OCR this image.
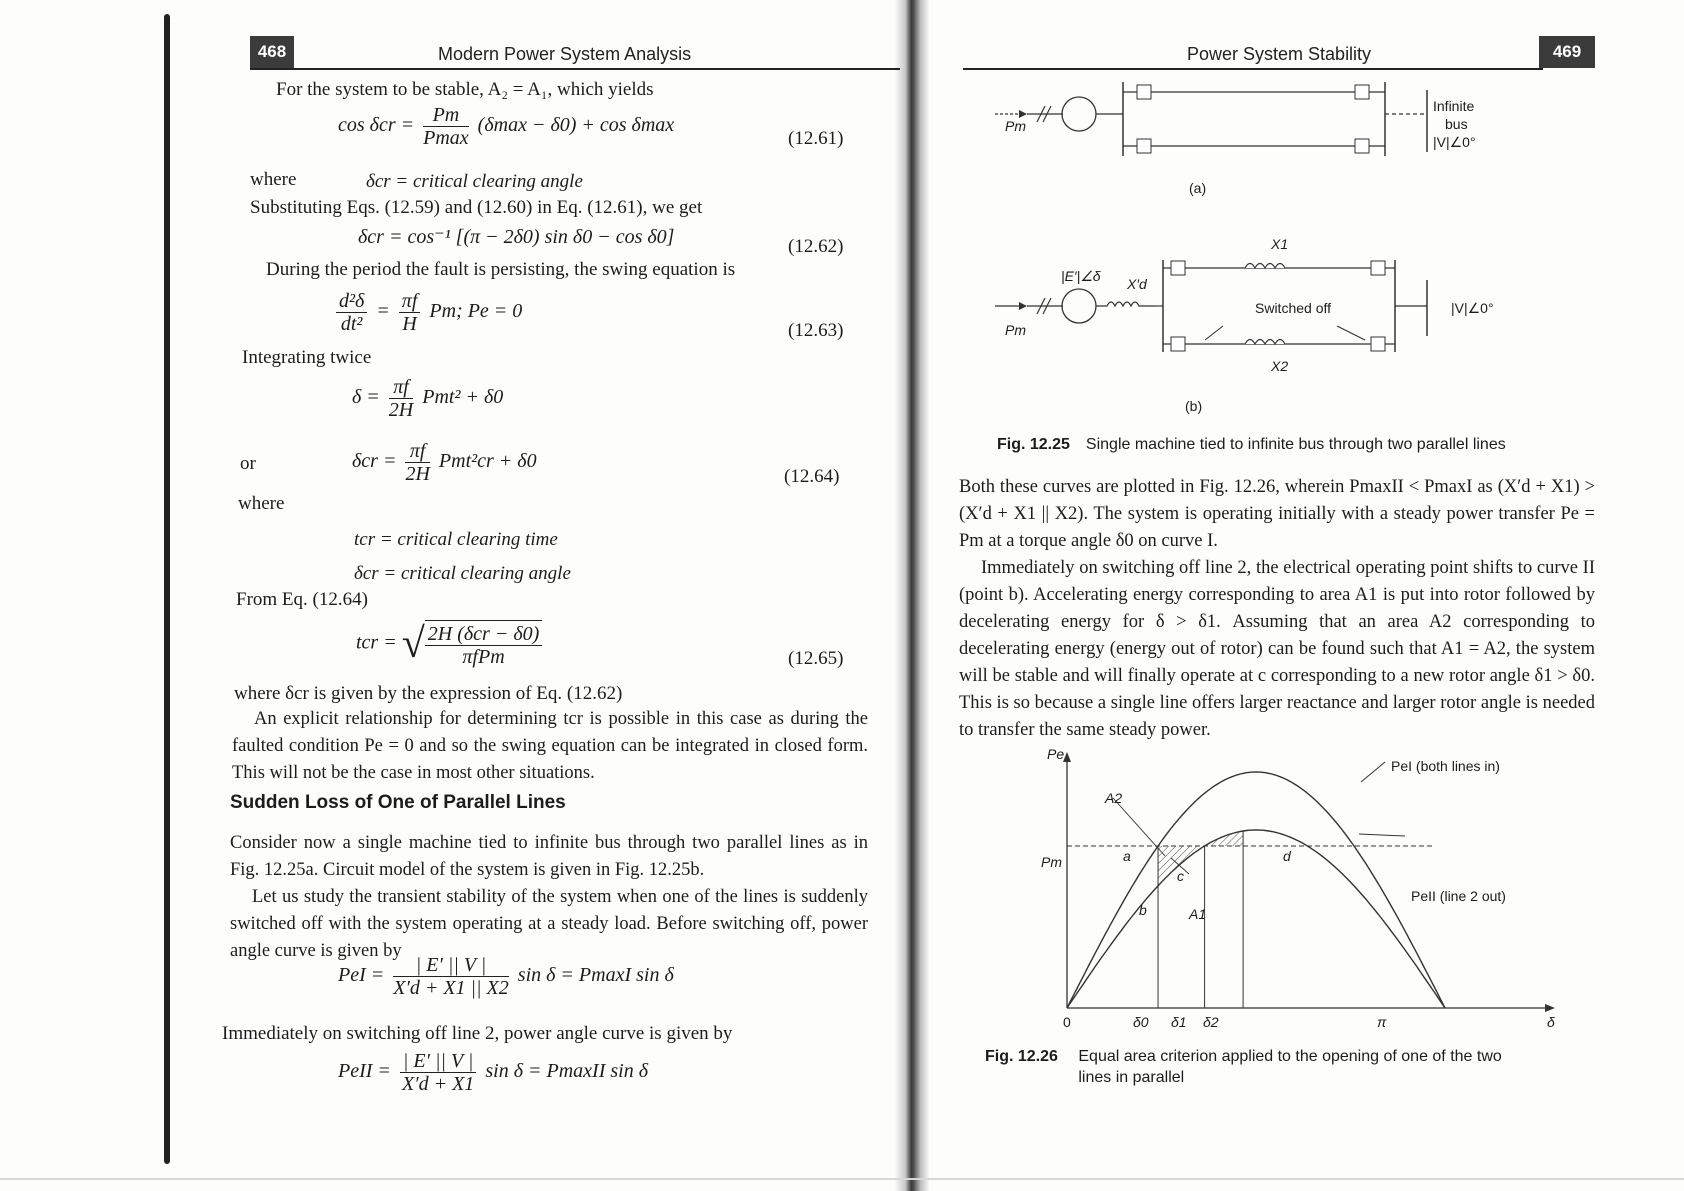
468	Modern Power System Analysis
For the system to be stable, A₂ = A₁, which yields
$\cos \delta cr = \frac{Pm}{Pmax} (\delta\max - \delta 0) + \cos \delta\max$
(12.61)
where	δcr = critical clearing angle
Substituting Eqs. (12.59) and (12.60) in Eq. (12.61), we get
δcr = cos⁻¹ [(π − 2δ0) sin δ0 − cos δ0]	(12.62)
During the period the fault is persisting, the swing equation is
$\frac{\text{d²δ}}{\text{dt²}} = \frac{\pi f}{H} Pm$; Pe = 0
(12.63)
Integrating twice
$\delta = \frac{\pi f}{2H} Pmt^2 + \delta 0$
or	$\delta cr = \frac{\pi f}{2H} Pmt^2cr + \delta 0$
(12.64)
where
tcr = critical clearing time
δcr = critical clearing angle
From Eq. (12.64)
tcr = √ $\frac{\text{2H (δcr − δ0)}}{\text{πfPm}}$	(12.65)
where δcr is given by the expression of Eq. (12.62)
An explicit relationship for determining tcr is possible in this case as during the faulted condition Pe = 0 and so the swing equation can be integrated in closed form. This will not be the case in most other situations.
Sudden Loss of One of Parallel Lines
Consider now a single machine tied to infinite bus through two parallel lines as in Fig. 12.25a. Circuit model of the system is given in Fig. 12.25b.
Let us study the transient stability of the system when one of the lines is suddenly switched off with the system operating at a steady load. Before switching off, power angle curve is given by
PeI = $\frac{| E' || V |}{X'd + X1 || X2}$ sin δ = PmaxI sin δ
Immediately on switching off line 2, power angle curve is given by
PeII = $\frac{| E' || V |}{X'd + X1}$ sin δ = PmaxII sin δ
Power System Stability	469
Pm
Infinite
bus
|V|∠0°
(a)
|E′|∠δ X′d
X1
Switched off	|V|∠0°
Pm
X2
(b)
Fig. 12.25 Single machine tied to infinite bus through two parallel lines
Both these curves are plotted in Fig. 12.26, wherein PmaxII < PmaxI as (X′d + X1) > (X′d + X1 || X2). The system is operating initially with a steady power transfer Pe = Pm at a torque angle δ0 on curve I.
Immediately on switching off line 2, the electrical operating point shifts to curve II (point b). Accelerating energy corresponding to area A1 is put into rotor followed by decelerating energy for δ > δ1. Assuming that an area A2 corresponding to decelerating energy (energy out of rotor) can be found such that A1 = A2, the system will be stable and will finally operate at c corresponding to a new rotor angle δ1 > δ0. This is so because a single line offers larger reactance and larger rotor angle is needed to transfer the same steady power.
Pe
Pm
PeI (both lines in)
PeII (line 2 out)
A2
A1
a
b
c
d
0	δ0 δ1 δ2	π	δ
Fig. 12.26 Equal area criterion applied to the opening of one of the two lines in parallel
